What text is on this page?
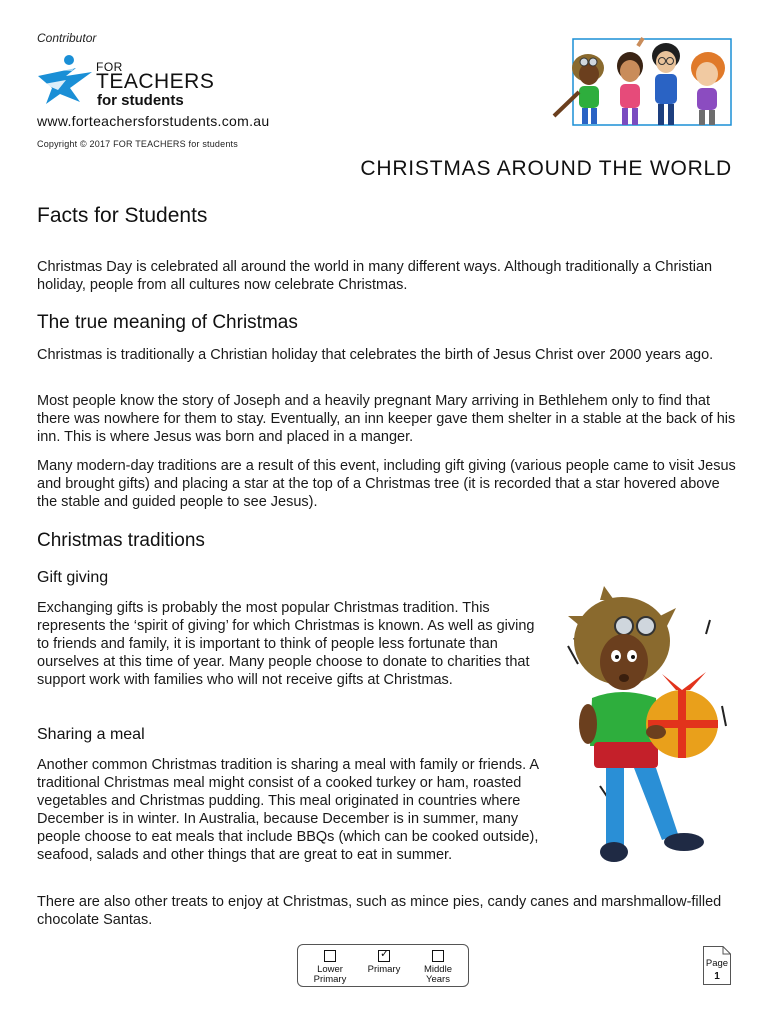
Contributor
FOR
TEACHERS
for students
www.forteachersforstudents.com.au
Copyright © 2017 FOR TEACHERS for students
CHRISTMAS AROUND THE WORLD
Facts for Students

Christmas Day is celebrated all around the world in many different ways. Although traditionally a Christian holiday, people from all cultures now celebrate Christmas.

The true meaning of Christmas

Christmas is traditionally a Christian holiday that celebrates the birth of Jesus Christ over 2000 years ago.

Most people know the story of Joseph and a heavily pregnant Mary arriving in Bethlehem only to find that there was nowhere for them to stay. Eventually, an inn keeper gave them shelter in a stable at the back of his inn. This is where Jesus was born and placed in a manger.

Many modern-day traditions are a result of this event, including gift giving (various people came to visit Jesus and brought gifts) and placing a star at the top of a Christmas tree (it is recorded that a star hovered above the stable and guided people to see Jesus).

Christmas traditions
Gift giving

Exchanging gifts is probably the most popular Christmas tradition. This represents the ‘spirit of giving’ for which Christmas is known. As well as giving to friends and family, it is important to think of people less fortunate than ourselves at this time of year. Many people choose to donate to charities that support work with families who will not receive gifts at Christmas.

Sharing a meal

Another common Christmas tradition is sharing a meal with family or friends. A traditional Christmas meal might consist of a cooked turkey or ham, roasted vegetables and Christmas pudding. This meal originated in countries where December is in winter. In Australia, because December is in summer, many people choose to eat meals that include BBQs (which can be cooked outside), seafood, salads and other things that are great to eat in summer.

There are also other treats to enjoy at Christmas, such as mince pies, candy canes and marshmallow-filled chocolate Santas.

Lower
Primary
✓
Primary	Middle
Years
Page
1
